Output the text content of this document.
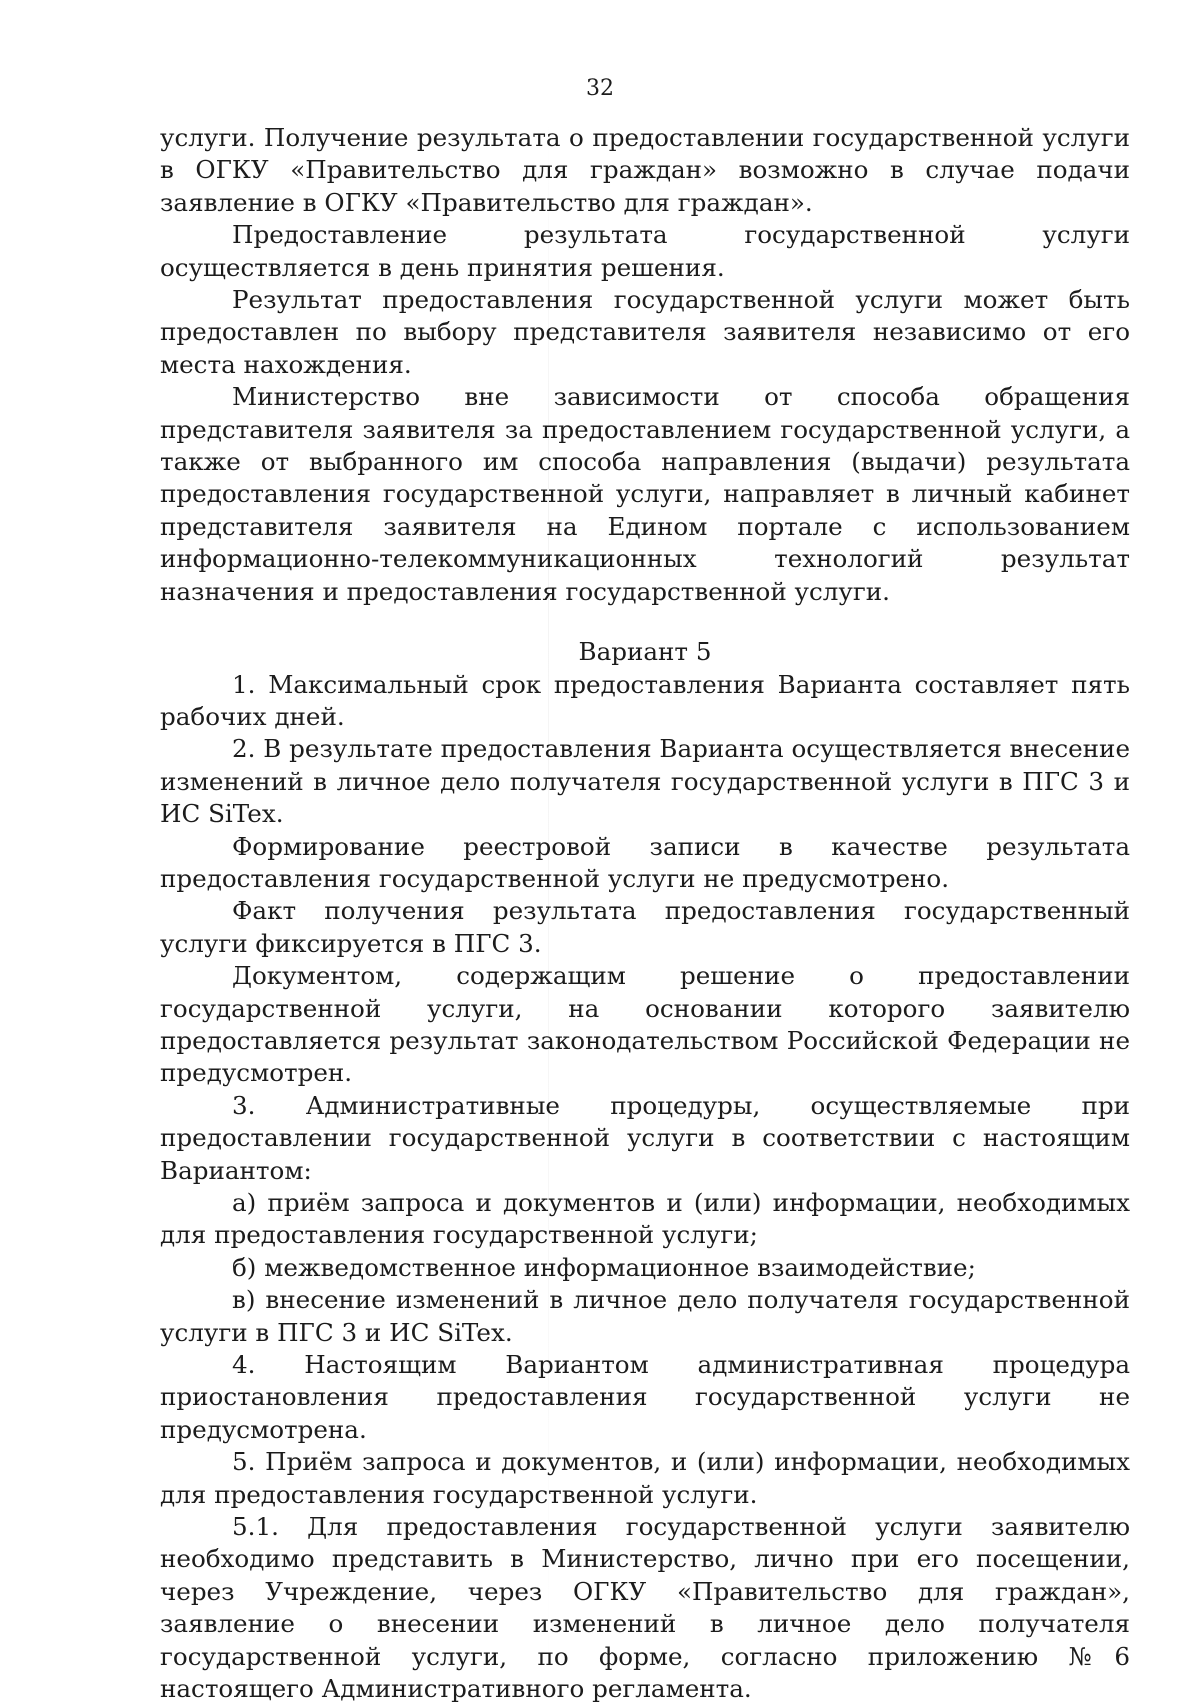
32

услуги. Получение результата о предоставлении государственной услуги в ОГКУ «Правительство для граждан» возможно в случае подачи заявление в ОГКУ «Правительство для граждан».

Предоставление результата государственной услуги осуществляется в день принятия решения.

Результат предоставления государственной услуги может быть предоставлен по выбору представителя заявителя независимо от его места нахождения.

Министерство вне зависимости от способа обращения представителя заявителя за предоставлением государственной услуги, а также от выбранного им способа направления (выдачи) результата предоставления государственной услуги, направляет в личный кабинет представителя заявителя на Едином портале с использованием информационно-телекоммуникационных технологий результат назначения и предоставления государственной услуги.

Вариант 5

1. Максимальный срок предоставления Варианта составляет пять рабочих дней.

2. В результате предоставления Варианта осуществляется внесение изменений в личное дело получателя государственной услуги в ПГС 3 и ИС SiTex.

Формирование реестровой записи в качестве результата предоставления государственной услуги не предусмотрено.

Факт получения результата предоставления государственный услуги фиксируется в ПГС 3.

Документом, содержащим решение о предоставлении государственной услуги, на основании которого заявителю предоставляется результат законодательством Российской Федерации не предусмотрен.

3. Административные процедуры, осуществляемые при предоставлении государственной услуги в соответствии с настоящим Вариантом:

а) приём запроса и документов и (или) информации, необходимых для предоставления государственной услуги;

б) межведомственное информационное взаимодействие;

в) внесение изменений в личное дело получателя государственной услуги в ПГС 3 и ИС SiTex.

4. Настоящим Вариантом административная процедура приостановления предоставления государственной услуги не предусмотрена.

5. Приём запроса и документов, и (или) информации, необходимых для предоставления государственной услуги.

5.1. Для предоставления государственной услуги заявителю необходимо представить в Министерство, лично при его посещении, через Учреждение, через ОГКУ «Правительство для граждан», заявление о внесении изменений в личное дело получателя государственной услуги, по форме, согласно приложению №6 настоящего Административного регламента.
